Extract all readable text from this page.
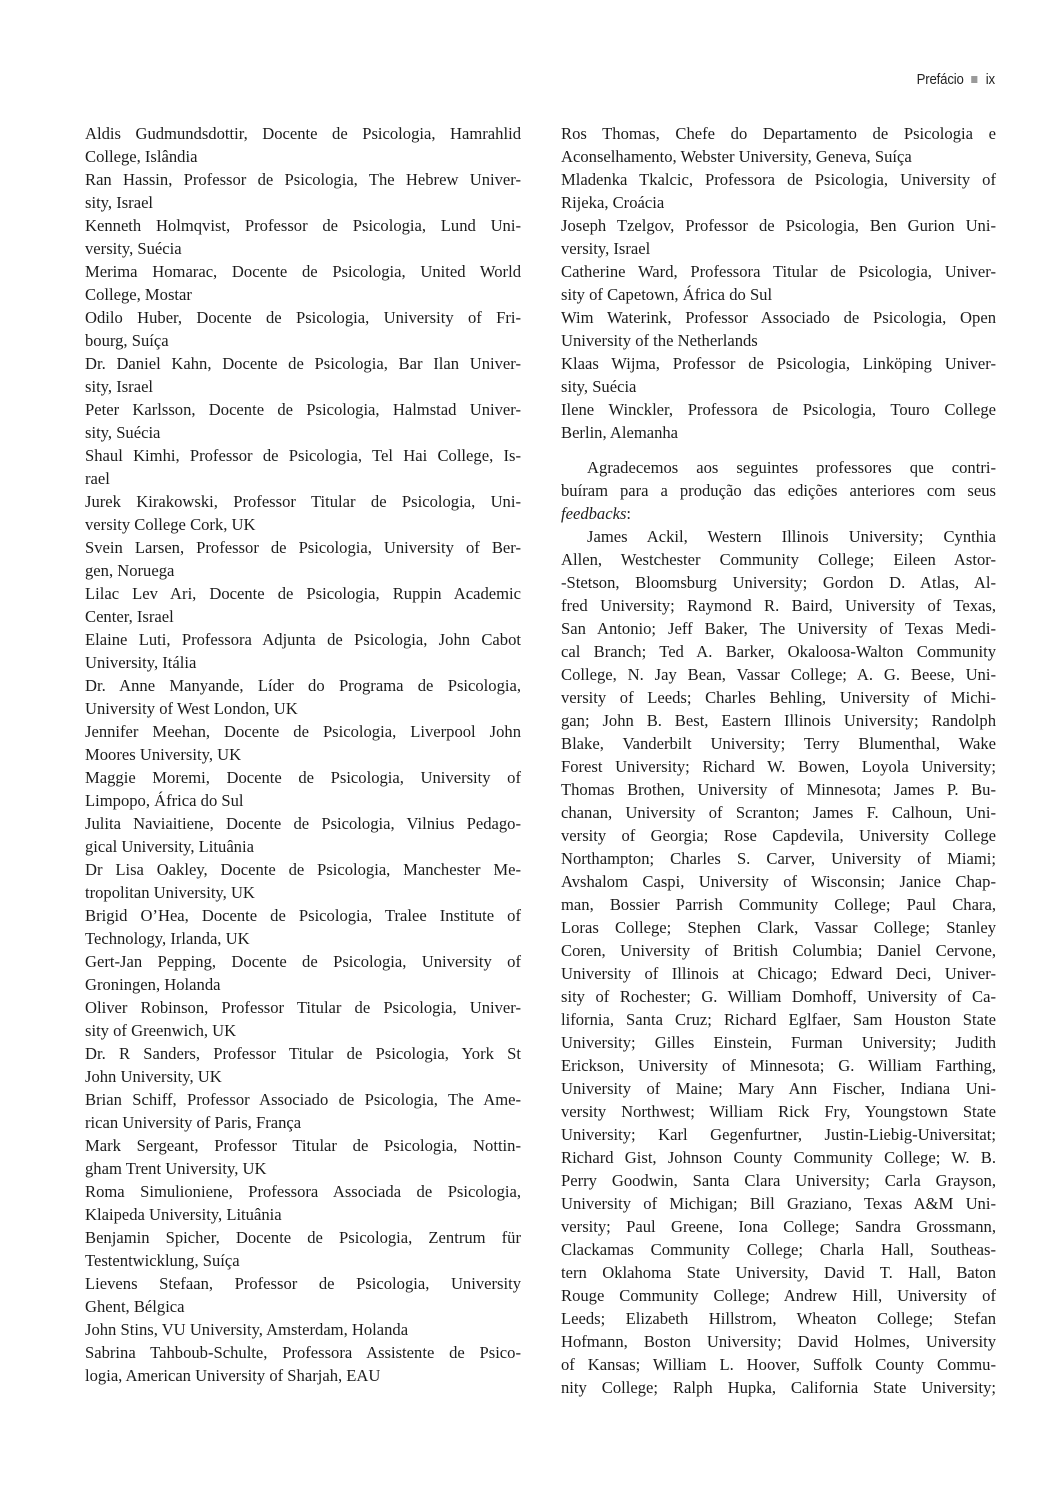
Prefácio ix
Aldis Gudmundsdottir, Docente de Psicologia, Hamrahlid
College, Islândia
Ran Hassin, Professor de Psicologia, The Hebrew Univer-
sity, Israel
Kenneth Holmqvist, Professor de Psicologia, Lund Uni-
versity, Suécia
Merima Homarac, Docente de Psicologia, United World
College, Mostar
Odilo Huber, Docente de Psicologia, University of Fri-
bourg, Suíça
Dr. Daniel Kahn, Docente de Psicologia, Bar Ilan Univer-
sity, Israel
Peter Karlsson, Docente de Psicologia, Halmstad Univer-
sity, Suécia
Shaul Kimhi, Professor de Psicologia, Tel Hai College, Is-
rael
Jurek Kirakowski, Professor Titular de Psicologia, Uni-
versity College Cork, UK
Svein Larsen, Professor de Psicologia, University of Ber-
gen, Noruega
Lilac Lev Ari, Docente de Psicologia, Ruppin Academic
Center, Israel
Elaine Luti, Professora Adjunta de Psicologia, John Cabot
University, Itália
Dr. Anne Manyande, Líder do Programa de Psicologia,
University of West London, UK
Jennifer Meehan, Docente de Psicologia, Liverpool John
Moores University, UK
Maggie Moremi, Docente de Psicologia, University of
Limpopo, África do Sul
Julita Naviaitiene, Docente de Psicologia, Vilnius Pedago-
gical University, Lituânia
Dr Lisa Oakley, Docente de Psicologia, Manchester Me-
tropolitan University, UK
Brigid O’Hea, Docente de Psicologia, Tralee Institute of
Technology, Irlanda, UK
Gert-Jan Pepping, Docente de Psicologia, University of
Groningen, Holanda
Oliver Robinson, Professor Titular de Psicologia, Univer-
sity of Greenwich, UK
Dr. R Sanders, Professor Titular de Psicologia, York St
John University, UK
Brian Schiff, Professor Associado de Psicologia, The Ame-
rican University of Paris, França
Mark Sergeant, Professor Titular de Psicologia, Nottin-
gham Trent University, UK
Roma Simulioniene, Professora Associada de Psicologia,
Klaipeda University, Lituânia
Benjamin Spicher, Docente de Psicologia, Zentrum für
Testentwicklung, Suíça
Lievens Stefaan, Professor de Psicologia, University
Ghent, Bélgica
John Stins, VU University, Amsterdam, Holanda
Sabrina Tahboub-Schulte, Professora Assistente de Psico-
logia, American University of Sharjah, EAU
Ros Thomas, Chefe do Departamento de Psicologia e
Aconselhamento, Webster University, Geneva, Suíça
Mladenka Tkalcic, Professora de Psicologia, University of
Rijeka, Croácia
Joseph Tzelgov, Professor de Psicologia, Ben Gurion Uni-
versity, Israel
Catherine Ward, Professora Titular de Psicologia, Univer-
sity of Capetown, África do Sul
Wim Waterink, Professor Associado de Psicologia, Open
University of the Netherlands
Klaas Wijma, Professor de Psicologia, Linköping Univer-
sity, Suécia
Ilene Winckler, Professora de Psicologia, Touro College
Berlin, Alemanha
Agradecemos aos seguintes professores que contri-
buíram para a produção das edições anteriores com seus
feedbacks:
James Ackil, Western Illinois University; Cynthia
Allen, Westchester Community College; Eileen Astor-
-Stetson, Bloomsburg University; Gordon D. Atlas, Al-
fred University; Raymond R. Baird, University of Texas,
San Antonio; Jeff Baker, The University of Texas Medi-
cal Branch; Ted A. Barker, Okaloosa-Walton Community
College, N. Jay Bean, Vassar College; A. G. Beese, Uni-
versity of Leeds; Charles Behling, University of Michi-
gan; John B. Best, Eastern Illinois University; Randolph
Blake, Vanderbilt University; Terry Blumenthal, Wake
Forest University; Richard W. Bowen, Loyola University;
Thomas Brothen, University of Minnesota; James P. Bu-
chanan, University of Scranton; James F. Calhoun, Uni-
versity of Georgia; Rose Capdevila, University College
Northampton; Charles S. Carver, University of Miami;
Avshalom Caspi, University of Wisconsin; Janice Chap-
man, Bossier Parrish Community College; Paul Chara,
Loras College; Stephen Clark, Vassar College; Stanley
Coren, University of British Columbia; Daniel Cervone,
University of Illinois at Chicago; Edward Deci, Univer-
sity of Rochester; G. William Domhoff, University of Ca-
lifornia, Santa Cruz; Richard Eglfaer, Sam Houston State
University; Gilles Einstein, Furman University; Judith
Erickson, University of Minnesota; G. William Farthing,
University of Maine; Mary Ann Fischer, Indiana Uni-
versity Northwest; William Rick Fry, Youngstown State
University; Karl Gegenfurtner, Justin-Liebig-Universitat;
Richard Gist, Johnson County Community College; W. B.
Perry Goodwin, Santa Clara University; Carla Grayson,
University of Michigan; Bill Graziano, Texas A&M Uni-
versity; Paul Greene, Iona College; Sandra Grossmann,
Clackamas Community College; Charla Hall, Southeas-
tern Oklahoma State University, David T. Hall, Baton
Rouge Community College; Andrew Hill, University of
Leeds; Elizabeth Hillstrom, Wheaton College; Stefan
Hofmann, Boston University; David Holmes, University
of Kansas; William L. Hoover, Suffolk County Commu-
nity College; Ralph Hupka, California State University;
